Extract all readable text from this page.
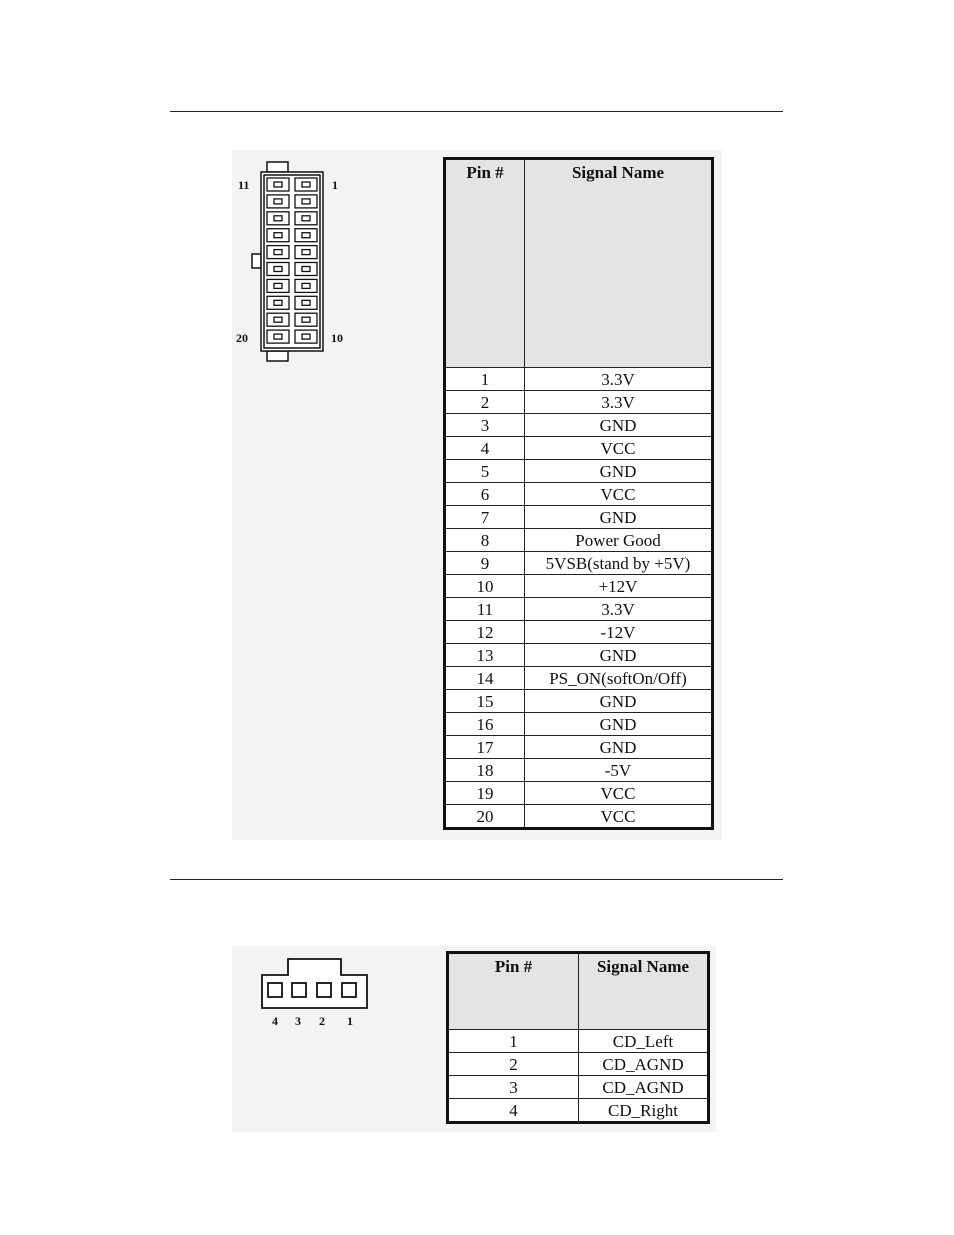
11	1
20	10
Pin #	Signal Name
1	3.3V
2	3.3V
3	GND
4	VCC
5	GND
6	VCC
7	GND
8	Power Good
9	5VSB(stand by +5V)
10	+12V
11	3.3V
12	-12V
13	GND
14	PS_ON(softOn/Off)
15	GND
16	GND
17	GND
18	-5V
19	VCC
20	VCC
4 3 2 1
Pin #	Signal Name
1	CD_Left
2	CD_AGND
3	CD_AGND
4	CD_Right
